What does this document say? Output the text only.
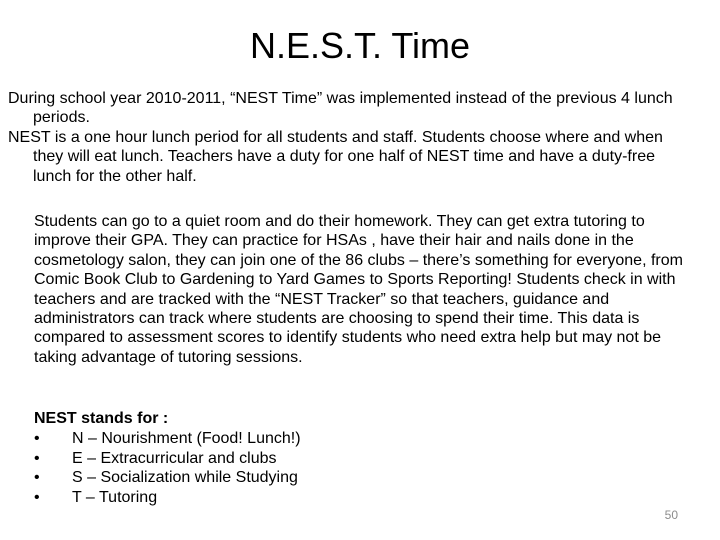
N.E.S.T. Time

During school year 2010-2011, “NEST Time” was implemented instead of the previous 4 lunch periods.

NEST is a one hour lunch period for all students and staff. Students choose where and when they will eat lunch. Teachers have a duty for one half of NEST time and have a duty-free lunch for the other half.

Students can go to a quiet room and do their homework. They can get extra tutoring to improve their GPA. They can practice for HSAs , have their hair and nails done in the cosmetology salon, they can join one of the 86 clubs – there’s something for everyone, from Comic Book Club to Gardening to Yard Games to Sports Reporting! Students check in with teachers and are tracked with the “NEST Tracker” so that teachers, guidance and administrators can track where students are choosing to spend their time. This data is compared to assessment scores to identify students who need extra help but may not be taking advantage of tutoring sessions.

NEST stands for :

•	N – Nourishment (Food! Lunch!)
•	E – Extracurricular and clubs
•	S – Socialization while Studying
•	T – Tutoring
50
